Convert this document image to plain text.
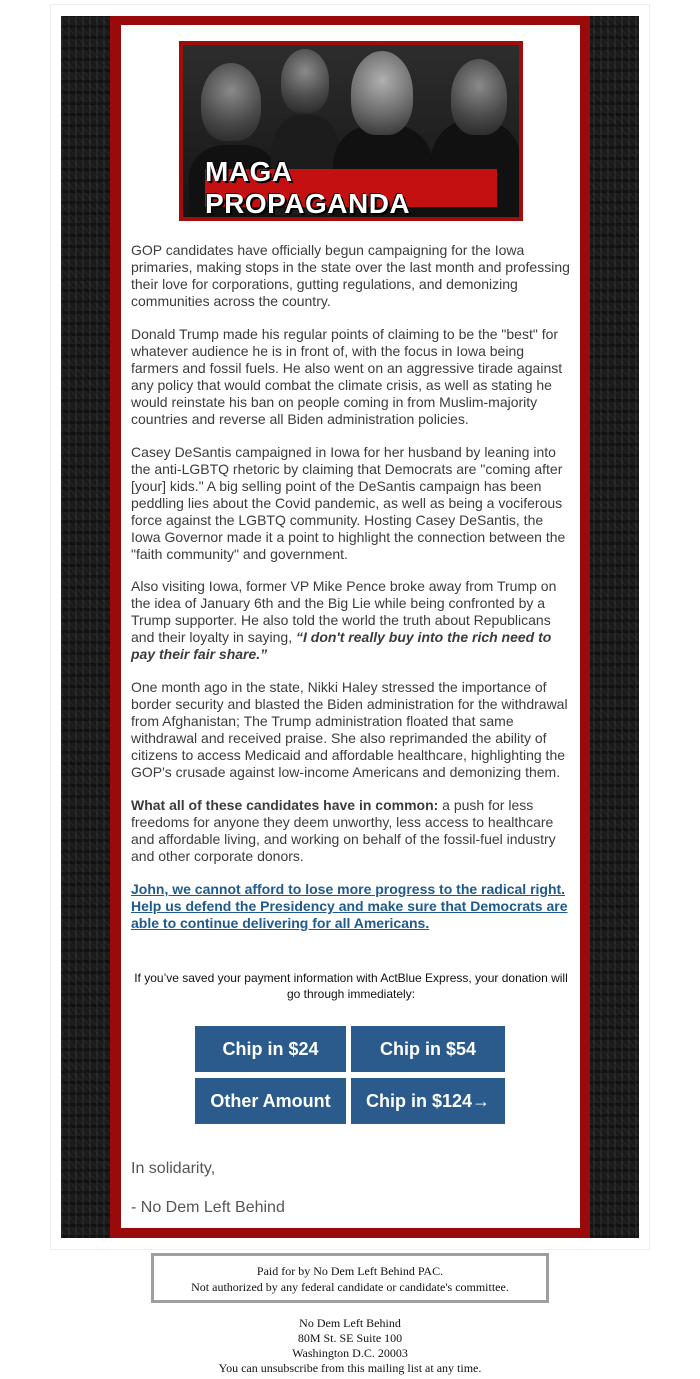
MAGA PROPAGANDA

GOP candidates have officially begun campaigning for the Iowa primaries, making stops in the state over the last month and professing their love for corporations, gutting regulations, and demonizing communities across the country.

Donald Trump made his regular points of claiming to be the "best" for whatever audience he is in front of, with the focus in Iowa being farmers and fossil fuels. He also went on an aggressive tirade against any policy that would combat the climate crisis, as well as stating he would reinstate his ban on people coming in from Muslim-majority countries and reverse all Biden administration policies.

Casey DeSantis campaigned in Iowa for her husband by leaning into the anti-LGBTQ rhetoric by claiming that Democrats are "coming after [your] kids." A big selling point of the DeSantis campaign has been peddling lies about the Covid pandemic, as well as being a vociferous force against the LGBTQ community. Hosting Casey DeSantis, the Iowa Governor made it a point to highlight the connection between the "faith community" and government.

Also visiting Iowa, former VP Mike Pence broke away from Trump on the idea of January 6th and the Big Lie while being confronted by a Trump supporter. He also told the world the truth about Republicans and their loyalty in saying, “I don't really buy into the rich need to pay their fair share.”

One month ago in the state, Nikki Haley stressed the importance of border security and blasted the Biden administration for the withdrawal from Afghanistan; The Trump administration floated that same withdrawal and received praise. She also reprimanded the ability of citizens to access Medicaid and affordable healthcare, highlighting the GOP's crusade against low-income Americans and demonizing them.

What all of these candidates have in common: a push for less freedoms for anyone they deem unworthy, less access to healthcare and affordable living, and working on behalf of the fossil-fuel industry and other corporate donors.

John, we cannot afford to lose more progress to the radical right. Help us defend the Presidency and make sure that Democrats are able to continue delivering for all Americans.
If you’ve saved your payment information with ActBlue Express, your donation will go through immediately:
Chip in $24	Chip in $54
Other Amount	Chip in $124→
In solidarity,
- No Dem Left Behind
Paid for by No Dem Left Behind PAC.
Not authorized by any federal candidate or candidate's committee.
No Dem Left Behind
80M St. SE Suite 100
Washington D.C. 20003
You can unsubscribe from this mailing list at any time.
